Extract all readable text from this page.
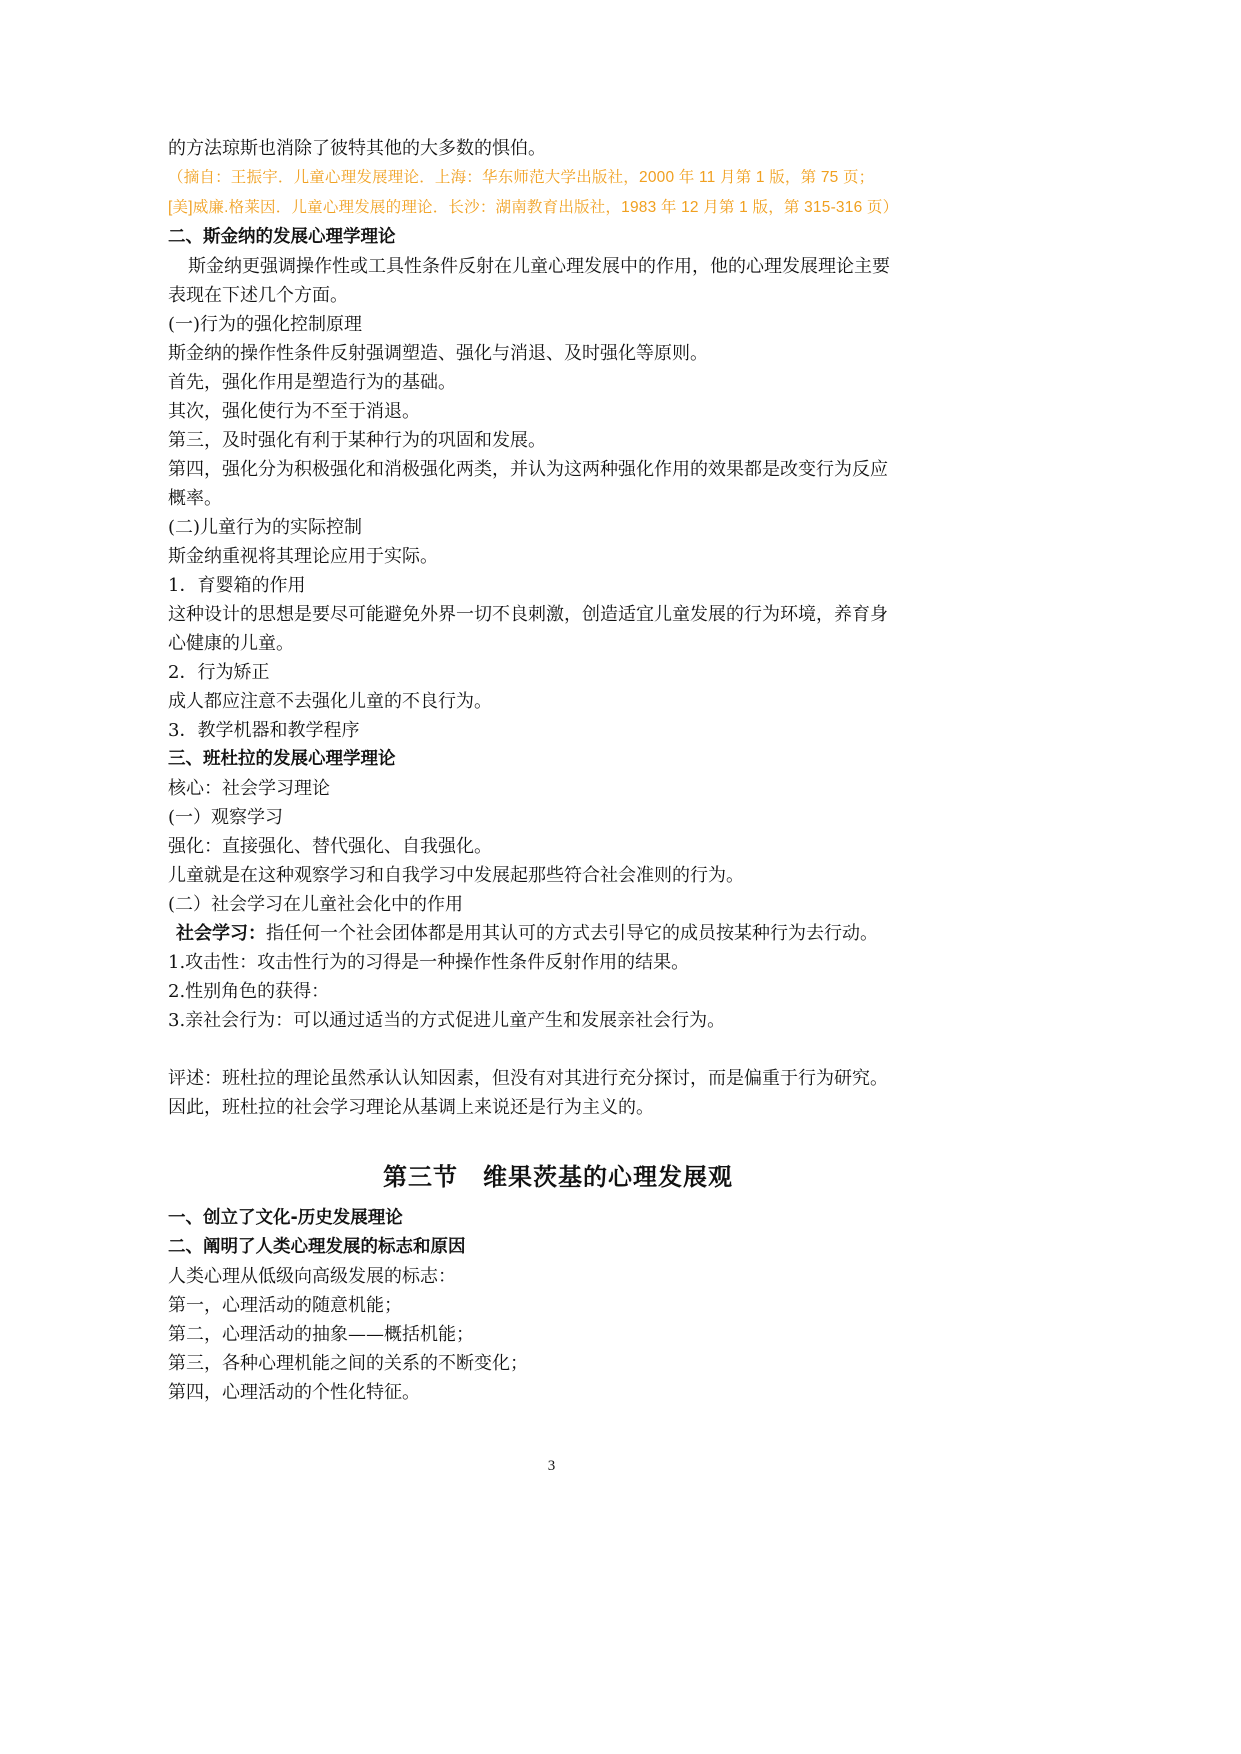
的方法琼斯也消除了彼特其他的大多数的惧伯。
（摘自：王振宇．儿童心理发展理论．上海：华东师范大学出版社，2000 年 11 月第 1 版，第 75 页；
[美]威廉.格莱因．儿童心理发展的理论．长沙：湖南教育出版社，1983 年 12 月第 1 版，第 315-316 页）
二、斯金纳的发展心理学理论
斯金纳更强调操作性或工具性条件反射在儿童心理发展中的作用，他的心理发展理论主要
表现在下述几个方面。
(一)行为的强化控制原理
斯金纳的操作性条件反射强调塑造、强化与消退、及时强化等原则。
首先，强化作用是塑造行为的基础。
其次，强化使行为不至于消退。
第三，及时强化有利于某种行为的巩固和发展。
第四，强化分为积极强化和消极强化两类，并认为这两种强化作用的效果都是改变行为反应
概率。
(二)儿童行为的实际控制
斯金纳重视将其理论应用于实际。
1．育婴箱的作用
这种设计的思想是要尽可能避免外界一切不良刺激，创造适宜儿童发展的行为环境，养育身
心健康的儿童。
2．行为矫正
成人都应注意不去强化儿童的不良行为。
3．教学机器和教学程序
三、班杜拉的发展心理学理论
核心：社会学习理论
(一）观察学习
强化：直接强化、替代强化、自我强化。
儿童就是在这种观察学习和自我学习中发展起那些符合社会准则的行为。
(二）社会学习在儿童社会化中的作用
社会学习：指任何一个社会团体都是用其认可的方式去引导它的成员按某种行为去行动。
1.攻击性：攻击性行为的习得是一种操作性条件反射作用的结果。
2.性别角色的获得：
3.亲社会行为：可以通过适当的方式促进儿童产生和发展亲社会行为。
评述：班杜拉的理论虽然承认认知因素，但没有对其进行充分探讨，而是偏重于行为研究。
因此，班杜拉的社会学习理论从基调上来说还是行为主义的。
第三节　维果茨基的心理发展观
一、创立了文化-历史发展理论
二、阐明了人类心理发展的标志和原因
人类心理从低级向高级发展的标志：
第一，心理活动的随意机能；
第二，心理活动的抽象——概括机能；
第三，各种心理机能之间的关系的不断变化；
第四，心理活动的个性化特征。
3
